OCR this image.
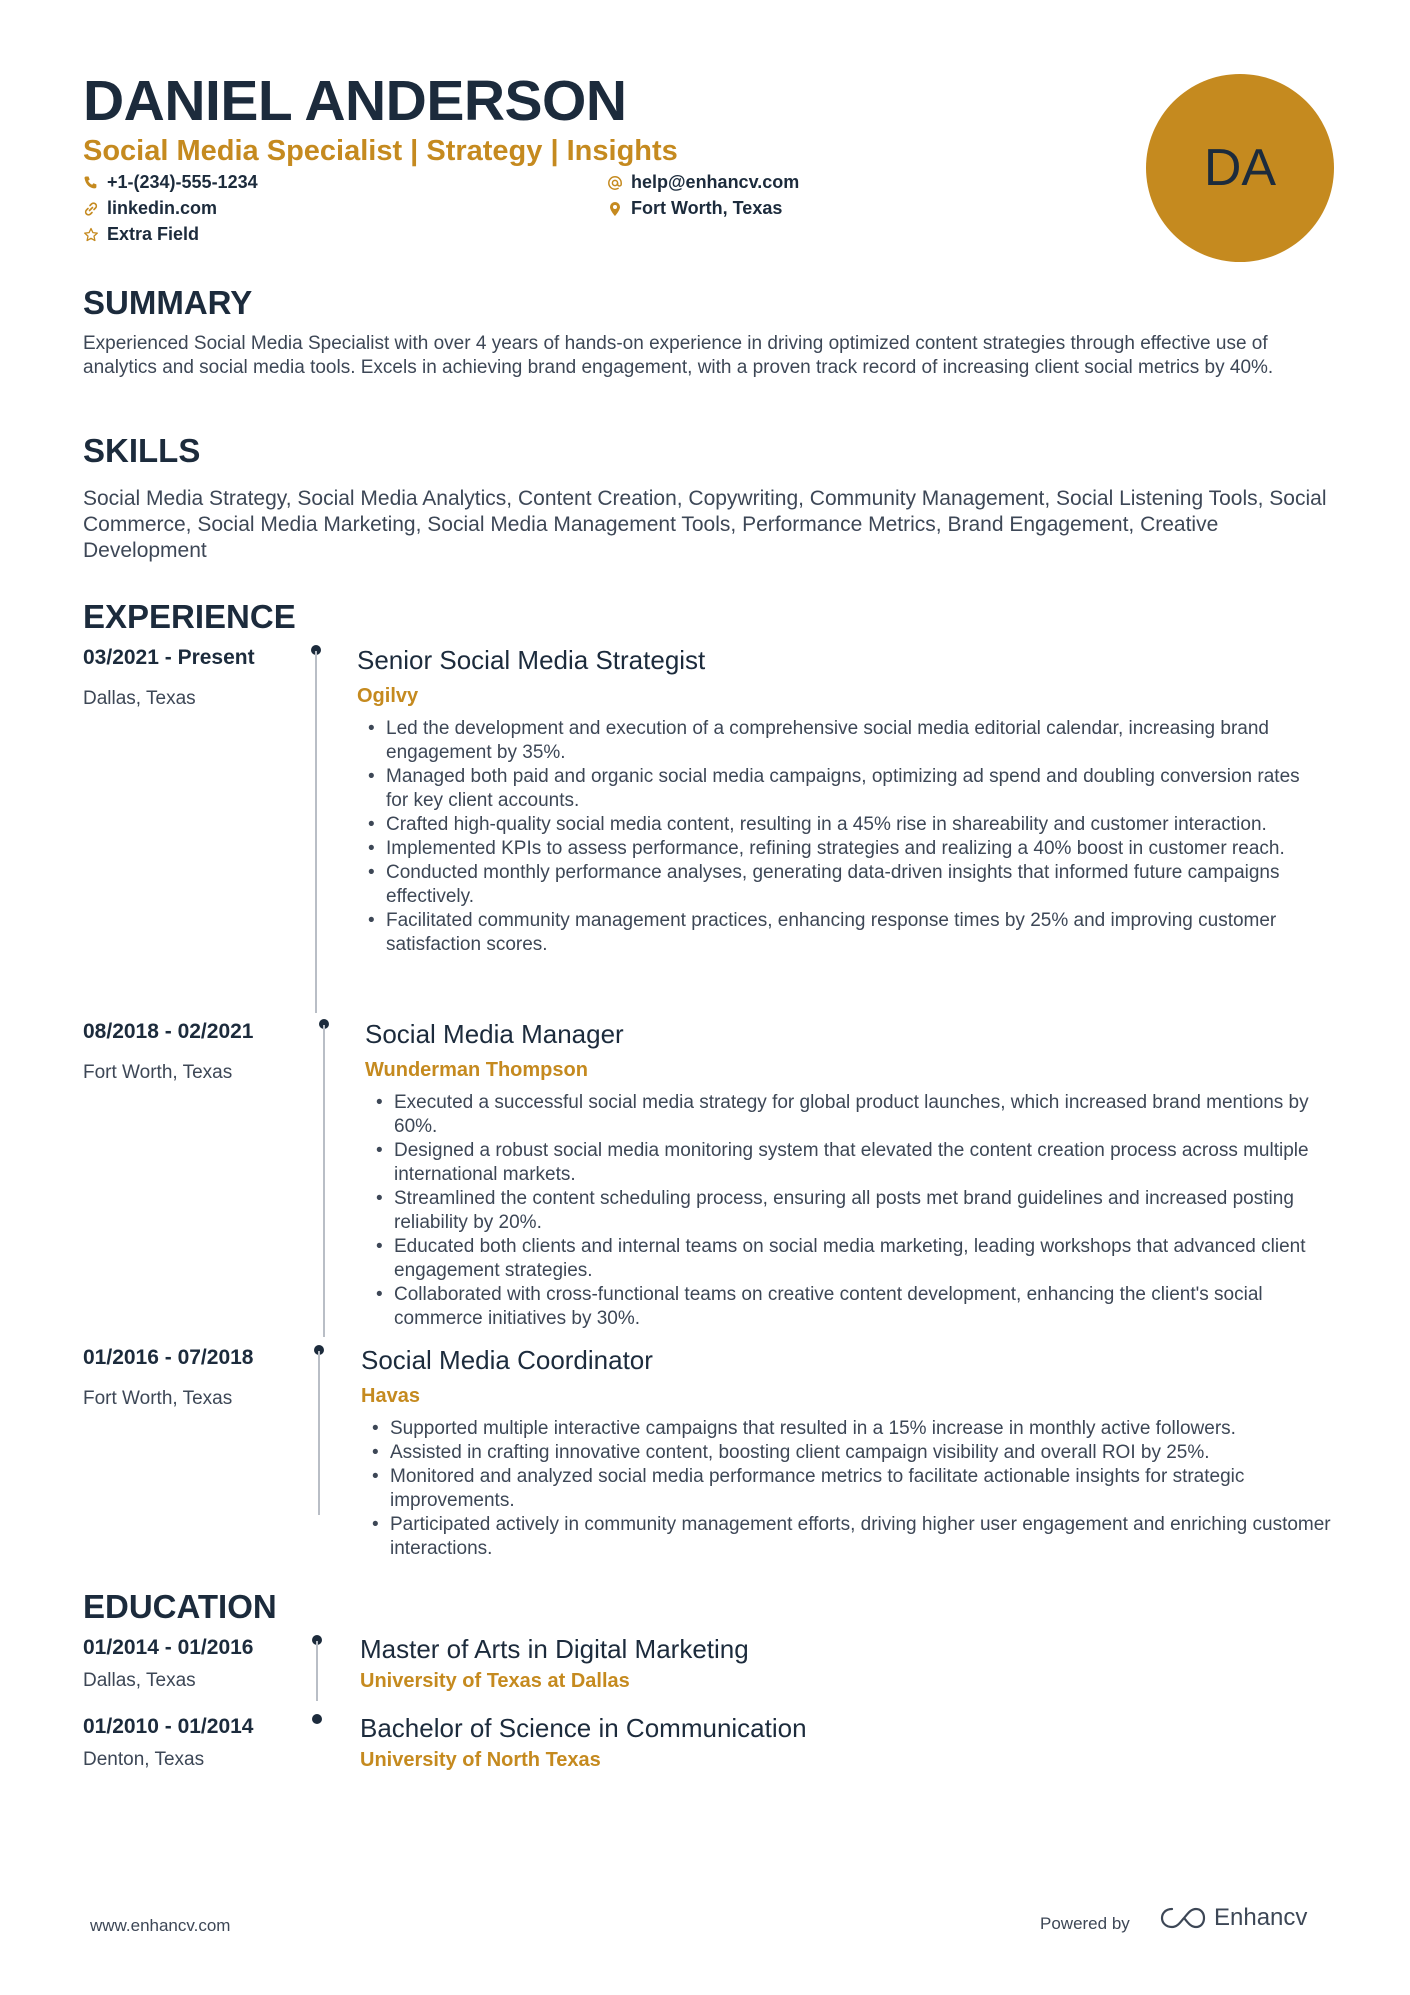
DANIEL ANDERSON
Social Media Specialist | Strategy | Insights
+1-(234)-555-1234
linkedin.com
Extra Field
help@enhancv.com
Fort Worth, Texas
DA
SUMMARY
Experienced Social Media Specialist with over 4 years of hands-on experience in driving optimized content strategies through effective use of analytics and social media tools. Excels in achieving brand engagement, with a proven track record of increasing client social metrics by 40%.
SKILLS
Social Media Strategy, Social Media Analytics, Content Creation, Copywriting, Community Management, Social Listening Tools, Social Commerce, Social Media Marketing, Social Media Management Tools, Performance Metrics, Brand Engagement, Creative Development
EXPERIENCE
03/2021 - Present
Dallas, Texas
Senior Social Media Strategist
Ogilvy
• Led the development and execution of a comprehensive social media editorial calendar, increasing brand engagement by 35%.
• Managed both paid and organic social media campaigns, optimizing ad spend and doubling conversion rates for key client accounts.
• Crafted high-quality social media content, resulting in a 45% rise in shareability and customer interaction.
• Implemented KPIs to assess performance, refining strategies and realizing a 40% boost in customer reach.
• Conducted monthly performance analyses, generating data-driven insights that informed future campaigns effectively.
• Facilitated community management practices, enhancing response times by 25% and improving customer satisfaction scores.
08/2018 - 02/2021
Fort Worth, Texas
Social Media Manager
Wunderman Thompson
• Executed a successful social media strategy for global product launches, which increased brand mentions by 60%.
• Designed a robust social media monitoring system that elevated the content creation process across multiple international markets.
• Streamlined the content scheduling process, ensuring all posts met brand guidelines and increased posting reliability by 20%.
• Educated both clients and internal teams on social media marketing, leading workshops that advanced client engagement strategies.
• Collaborated with cross-functional teams on creative content development, enhancing the client's social commerce initiatives by 30%.
01/2016 - 07/2018
Fort Worth, Texas
Social Media Coordinator
Havas
• Supported multiple interactive campaigns that resulted in a 15% increase in monthly active followers.
• Assisted in crafting innovative content, boosting client campaign visibility and overall ROI by 25%.
• Monitored and analyzed social media performance metrics to facilitate actionable insights for strategic improvements.
• Participated actively in community management efforts, driving higher user engagement and enriching customer interactions.
EDUCATION
01/2014 - 01/2016
Dallas, Texas
Master of Arts in Digital Marketing
University of Texas at Dallas
01/2010 - 01/2014
Denton, Texas
Bachelor of Science in Communication
University of North Texas
www.enhancv.com	Powered by	Enhancv
